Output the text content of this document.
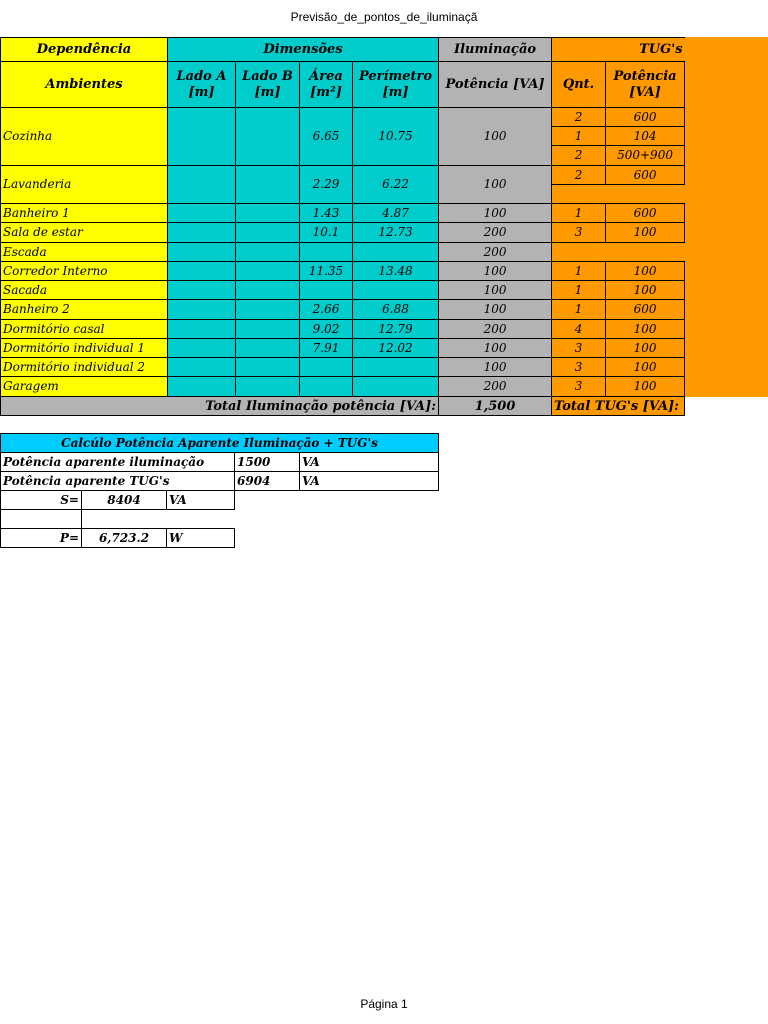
Previsão_de_pontos_de_iluminaçã
Dependência	Dimensões				Iluminação	TUG's	
Ambientes	Lado A [m]	Lado B [m]	Área [m²]	Perímetro [m]	Potência [VA]	Qnt.	Potência [VA]
Cozinha			6.65	10.75	100	2	600
						1	104
						2	500+900
Lavanderia			2.29	6.22	100	2	600

Banheiro 1			1.43	4.87	100	1	600
Sala de estar			10.1	12.73	200	3	100
Escada					200		
Corredor Interno			11.35	13.48	100	1	100
Sacada					100	1	100
Banheiro 2			2.66	6.88	100	1	600
Dormitório casal			9.02	12.79	200	4	100
Dormitório individual 1			7.91	12.02	100	3	100
Dormitório individual 2					100	3	100
Garagem					200	3	100
Total Iluminação potência [VA]:					1,500	Total TUG's [VA]:	
Calcúlo Potência Aparente Iluminação + TUG's				
Potência aparente iluminação			1500	VA
Potência aparente TUG's			6904	VA
S=	8404	VA		

P=	6,723.2	W		
Página 1
